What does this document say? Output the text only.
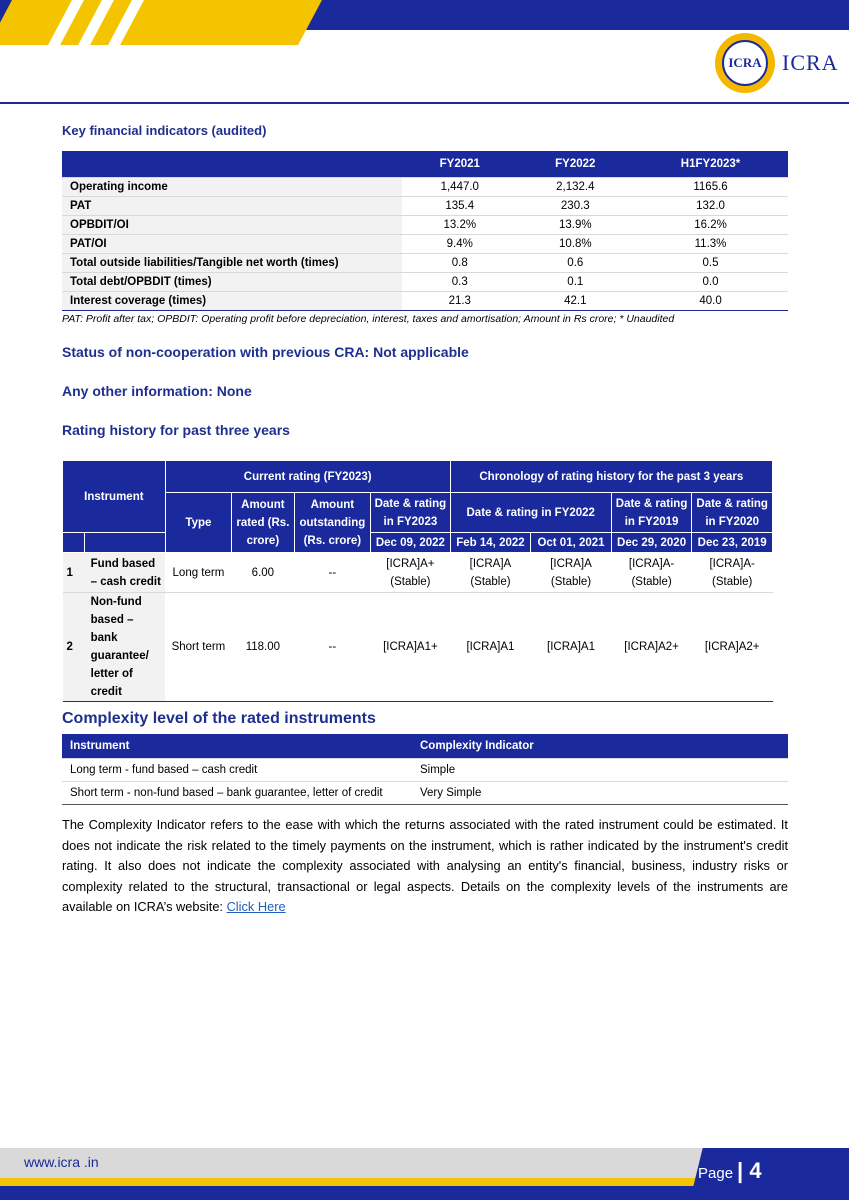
ICRA ICRA
Key financial indicators (audited)
	FY2021	FY2022	H1FY2023*
Operating income	1,447.0	2,132.4	1165.6
PAT	135.4	230.3	132.0
OPBDIT/OI	13.2%	13.9%	16.2%
PAT/OI	9.4%	10.8%	11.3%
Total outside liabilities/Tangible net worth (times)	0.8	0.6	0.5
Total debt/OPBDIT (times)	0.3	0.1	0.0
Interest coverage (times)	21.3	42.1	40.0
PAT: Profit after tax; OPBDIT: Operating profit before depreciation, interest, taxes and amortisation; Amount in Rs crore; * Unaudited
Status of non-cooperation with previous CRA: Not applicable
Any other information: None
Rating history for past three years
Instrument		Current rating (FY2023)				Chronology of rating history for the past 3 years			
		Type	Amount rated (Rs. crore)	Amount outstanding (Rs. crore)	Date & rating in FY2023	Date & rating in FY2022		Date & rating in FY2019	Date & rating in FY2020
					Dec 09, 2022	Feb 14, 2022	Oct 01, 2021	Dec 29, 2020	Dec 23, 2019
1	Fund based – cash credit	Long term	6.00	--	[ICRA]A+ (Stable)	[ICRA]A (Stable)	[ICRA]A (Stable)	[ICRA]A- (Stable)	[ICRA]A- (Stable)
2	Non-fund based – bank guarantee/ letter of credit	Short term	118.00	--	[ICRA]A1+	[ICRA]A1	[ICRA]A1	[ICRA]A2+	[ICRA]A2+
Complexity level of the rated instruments
Instrument	Complexity Indicator
Long term - fund based – cash credit	Simple
Short term - non-fund based – bank guarantee, letter of credit	Very Simple
The Complexity Indicator refers to the ease with which the returns associated with the rated instrument could be estimated. It does not indicate the risk related to the timely payments on the instrument, which is rather indicated by the instrument's credit rating. It also does not indicate the complexity associated with analysing an entity's financial, business, industry risks or complexity related to the structural, transactional or legal aspects. Details on the complexity levels of the instruments are available on ICRA’s website: Click Here
www.icra .in
Page | 4
